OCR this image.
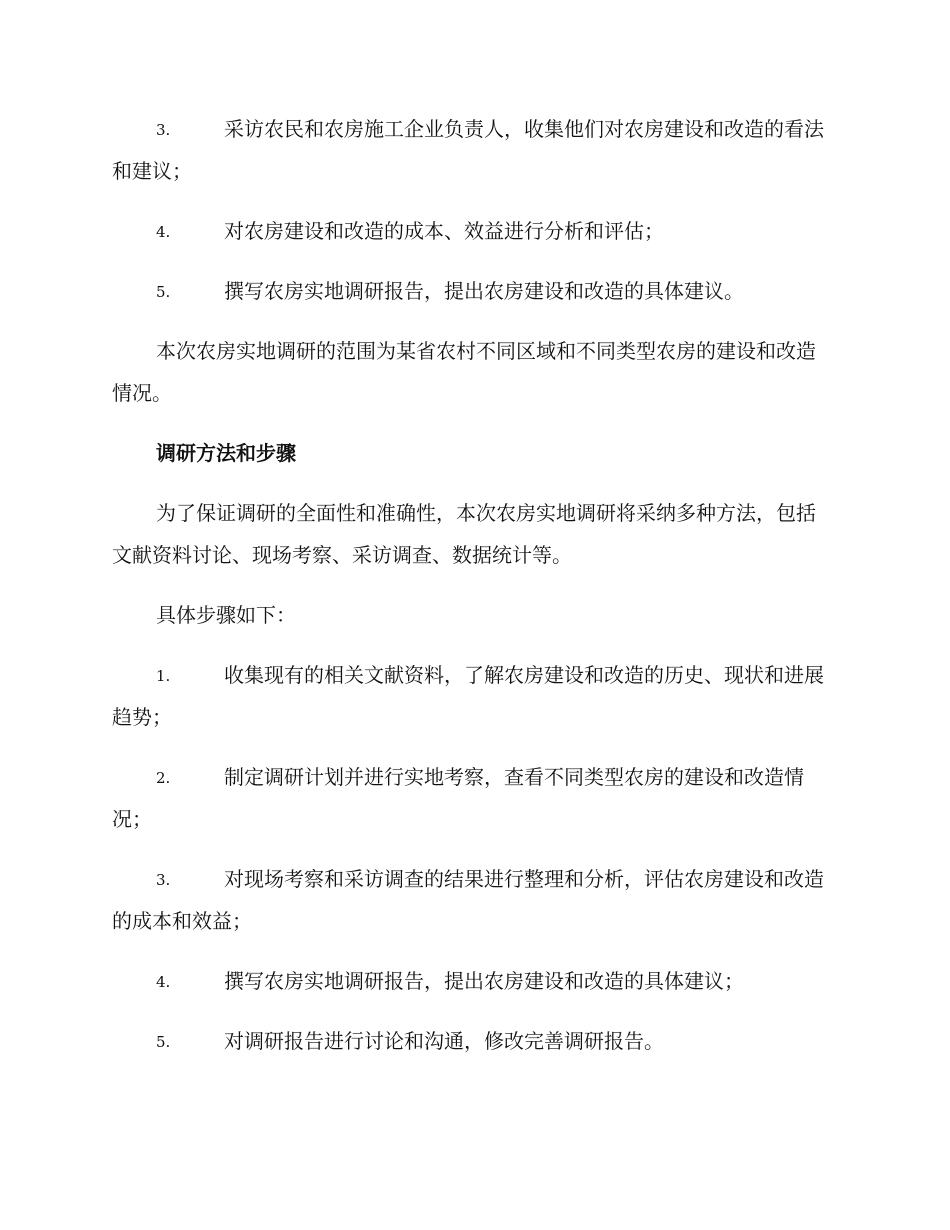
3.	采访农民和农房施工企业负责人，收集他们对农房建设和改造的看法和建议；
4.	对农房建设和改造的成本、效益进行分析和评估；
5.	撰写农房实地调研报告，提出农房建设和改造的具体建议。

本次农房实地调研的范围为某省农村不同区域和不同类型农房的建设和改造情况。

调研方法和步骤

为了保证调研的全面性和准确性，本次农房实地调研将采纳多种方法，包括文献资料讨论、现场考察、采访调查、数据统计等。

具体步骤如下：

1.	收集现有的相关文献资料，了解农房建设和改造的历史、现状和进展趋势；
2.	制定调研计划并进行实地考察，查看不同类型农房的建设和改造情况；
3.	对现场考察和采访调查的结果进行整理和分析，评估农房建设和改造的成本和效益；
4.	撰写农房实地调研报告，提出农房建设和改造的具体建议；
5.	对调研报告进行讨论和沟通，修改完善调研报告。
